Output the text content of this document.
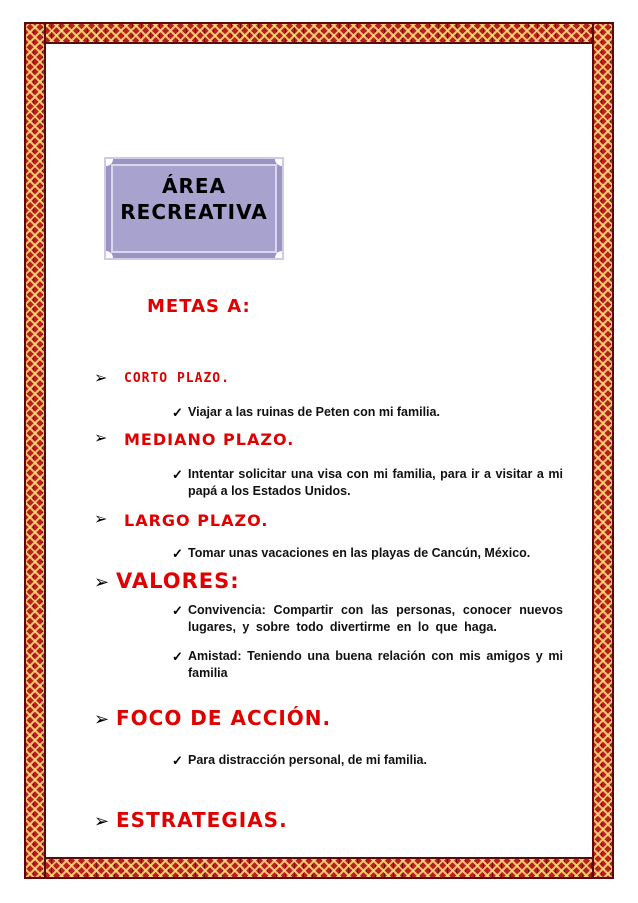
ÁREA RECREATIVA
METAS A:
➢ CORTO PLAZO.
✓ Viajar a las ruinas de Peten con mi familia.
➢ MEDIANO PLAZO.
✓ Intentar solicitar una visa con mi familia, para ir a visitar a mi papá a los Estados Unidos.
➢ LARGO PLAZO.
✓ Tomar unas vacaciones en las playas de Cancún, México.
➢ VALORES:
✓ Convivencia: Compartir con las personas, conocer nuevos lugares, y sobre todo divertirme en lo que haga.
✓ Amistad: Teniendo una buena relación con mis amigos y mi familia
➢ FOCO DE ACCIÓN.
✓ Para distracción personal, de mi familia.
➢ ESTRATEGIAS.
